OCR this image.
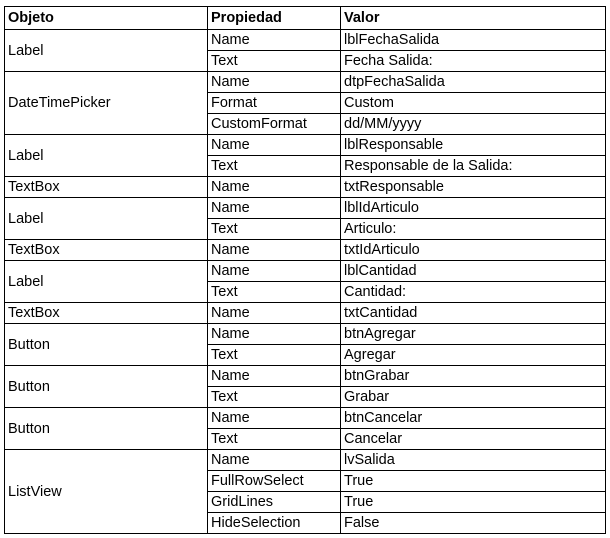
Objeto	Propiedad	Valor
Label	Name	lblFechaSalida
	Text	Fecha Salida:
DateTimePicker	Name	dtpFechaSalida
	Format	Custom
	CustomFormat	dd/MM/yyyy
Label	Name	lblResponsable
	Text	Responsable de la Salida:
TextBox	Name	txtResponsable
Label	Name	lblIdArticulo
	Text	Articulo:
TextBox	Name	txtIdArticulo
Label	Name	lblCantidad
	Text	Cantidad:
TextBox	Name	txtCantidad
Button	Name	btnAgregar
	Text	Agregar
Button	Name	btnGrabar
	Text	Grabar
Button	Name	btnCancelar
	Text	Cancelar
ListView	Name	lvSalida
	FullRowSelect	True
	GridLines	True
	HideSelection	False
